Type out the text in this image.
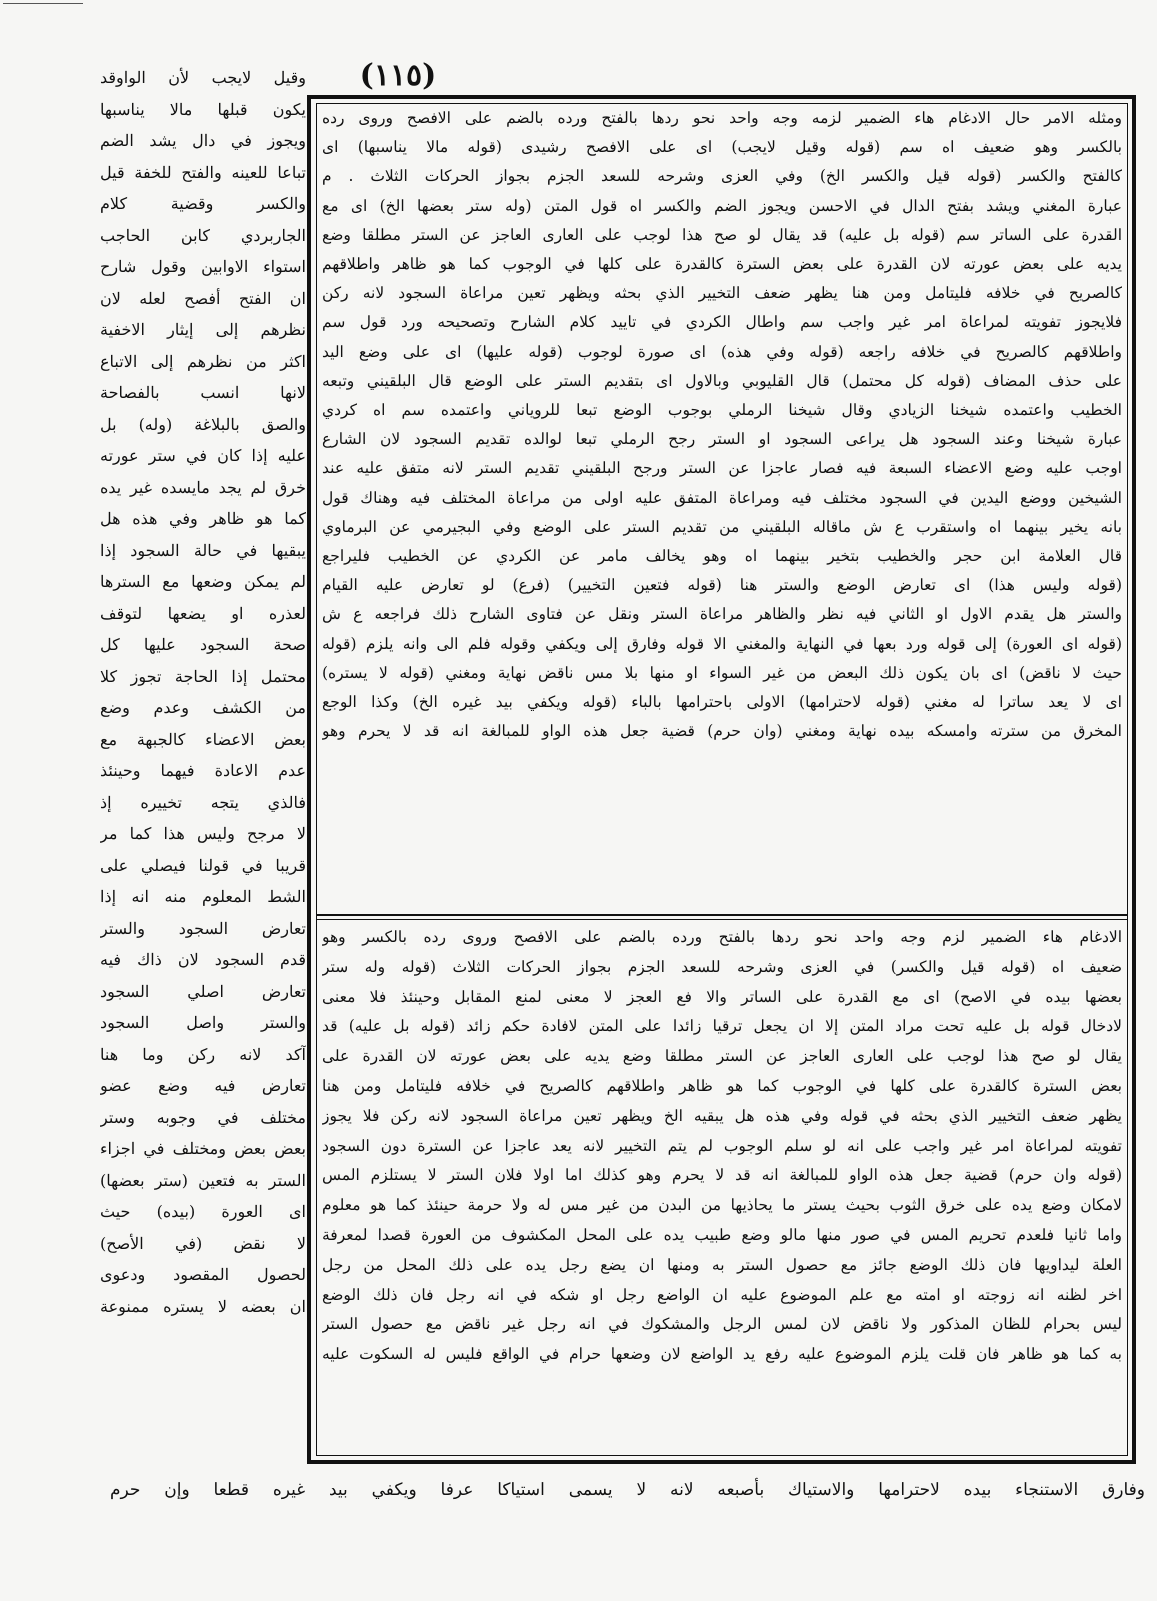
(١١٥)
وقيل لايجب لأن الواوقد
يكون قبلها مالا يناسبها
ويجوز في دال يشد الضم
تباعا للعينه والفتح للخفة قيل
والكسر وقضية كلام
الجاربردي كابن الحاجب
استواء الاوابين وقول شارح
ان الفتح أفصح لعله لان
نظرهم إلى إيثار الاخفية
اكثر من نظرهم إلى الاتباع
لانها انسب بالفصاحة
والصق بالبلاغة (وله) بل
عليه إذا كان في ستر عورته
خرق لم يجد مايسده غير يده
كما هو ظاهر وفي هذه هل
يبقيها في حالة السجود إذا
لم يمكن وضعها مع السترها
لعذره او يضعها لتوقف
صحة السجود عليها كل
محتمل إذا الحاجة تجوز كلا
من الكشف وعدم وضع
بعض الاعضاء كالجبهة مع
عدم الاعادة فيهما وحينئذ
فالذي يتجه تخييره إذ
لا مرجح وليس هذا كما مر
قريبا في قولنا فيصلي على
الشط المعلوم منه انه إذا
تعارض السجود والستر
قدم السجود لان ذاك فيه
تعارض اصلي السجود
والستر واصل السجود
آكد لانه ركن وما هنا
تعارض فيه وضع عضو
مختلف في وجوبه وستر
بعض بعض ومختلف في اجزاء
الستر به فتعين (ستر بعضها)
اى العورة (بيده) حيث
لا نقض (في الأصح)
لحصول المقصود ودعوى
ان بعضه لا يستره ممنوعة
ومثله الامر حال الادغام هاء الضمير لزمه وجه واحد نحو ردها بالفتح ورده بالضم على الافصح وروى رده
بالكسر وهو ضعيف اه سم (قوله وقيل لايجب) اى على الافصح رشيدى (قوله مالا يناسبها) اى
كالفتح والكسر (قوله قيل والكسر الخ) وفي العزى وشرحه للسعد الجزم بجواز الحركات الثلاث . م
عبارة المغني ويشد بفتح الدال في الاحسن ويجوز الضم والكسر اه قول المتن (وله ستر بعضها الخ) اى مع
القدرة على الساتر سم (قوله بل عليه) قد يقال لو صح هذا لوجب على العارى العاجز عن الستر مطلقا وضع
يديه على بعض عورته لان القدرة على بعض السترة كالقدرة على كلها في الوجوب كما هو ظاهر واطلاقهم
كالصريح في خلافه فليتامل ومن هنا يظهر ضعف التخيير الذي بحثه ويظهر تعين مراعاة السجود لانه ركن
فلايجوز تفويته لمراعاة امر غير واجب سم واطال الكردي في تاييد كلام الشارح وتصحيحه ورد قول سم
واطلاقهم كالصريح في خلافه راجعه (قوله وفي هذه) اى صورة لوجوب (قوله عليها) اى على وضع اليد
على حذف المضاف (قوله كل محتمل) قال القليوبي وبالاول اى بتقديم الستر على الوضع قال البلقيني وتبعه
الخطيب واعتمده شيخنا الزيادي وقال شيخنا الرملي بوجوب الوضع تبعا للروياني واعتمده سم اه كردي
عبارة شيخنا وعند السجود هل يراعى السجود او الستر رجح الرملي تبعا لوالده تقديم السجود لان الشارع
اوجب عليه وضع الاعضاء السبعة فيه فصار عاجزا عن الستر ورجح البلقيني تقديم الستر لانه متفق عليه عند
الشيخين ووضع اليدين في السجود مختلف فيه ومراعاة المتفق عليه اولى من مراعاة المختلف فيه وهناك قول
بانه يخير بينهما اه واستقرب ع ش ماقاله البلقيني من تقديم الستر على الوضع وفي البجيرمي عن البرماوي
قال العلامة ابن حجر والخطيب بتخير بينهما اه وهو يخالف مامر عن الكردي عن الخطيب فليراجع
(قوله وليس هذا) اى تعارض الوضع والستر هنا (قوله فتعين التخيير) (فرع) لو تعارض عليه القيام
والستر هل يقدم الاول او الثاني فيه نظر والظاهر مراعاة الستر ونقل عن فتاوى الشارح ذلك فراجعه ع ش
(قوله اى العورة) إلى قوله ورد بعها في النهاية والمغني الا قوله وفارق إلى ويكفي وقوله فلم الى وانه يلزم (قوله
حيث لا ناقض) اى بان يكون ذلك البعض من غير السواء او منها بلا مس ناقض نهاية ومغني (قوله لا يستره)
اى لا يعد ساترا له مغني (قوله لاحترامها) الاولى باحترامها بالباء (قوله ويكفي بيد غيره الخ) وكذا الوجع
المخرق من سترته وامسكه بيده نهاية ومغني (وان حرم) قضية جعل هذه الواو للمبالغة انه قد لا يحرم وهو
الادغام هاء الضمير لزم وجه واحد نحو ردها بالفتح ورده بالضم على الافصح وروى رده بالكسر وهو
ضعيف اه (قوله قيل والكسر) في العزى وشرحه للسعد الجزم بجواز الحركات الثلاث (قوله وله ستر
بعضها بيده في الاصح) اى مع القدرة على الساتر والا فع العجز لا معنى لمنع المقابل وحينئذ فلا معنى
لادخال قوله بل عليه تحت مراد المتن إلا ان يجعل ترقيا زائدا على المتن لافادة حكم زائد (قوله بل عليه) قد
يقال لو صح هذا لوجب على العارى العاجز عن الستر مطلقا وضع يديه على بعض عورته لان القدرة على
بعض السترة كالقدرة على كلها في الوجوب كما هو ظاهر واطلاقهم كالصريح في خلافه فليتامل ومن هنا
يظهر ضعف التخيير الذي بحثه في قوله وفي هذه هل يبقيه الخ ويظهر تعين مراعاة السجود لانه ركن فلا يجوز
تفويته لمراعاة امر غير واجب على انه لو سلم الوجوب لم يتم التخيير لانه يعد عاجزا عن السترة دون السجود
(قوله وان حرم) قضية جعل هذه الواو للمبالغة انه قد لا يحرم وهو كذلك اما اولا فلان الستر لا يستلزم المس
لامكان وضع يده على خرق الثوب بحيث يستر ما يحاذيها من البدن من غير مس له ولا حرمة حينئذ كما هو معلوم
واما ثانيا فلعدم تحريم المس في صور منها مالو وضع طبيب يده على المحل المكشوف من العورة قصدا لمعرفة
العلة ليداويها فان ذلك الوضع جائز مع حصول الستر به ومنها ان يضع رجل يده على ذلك المحل من رجل
اخر لظنه انه زوجته او امته مع علم الموضوع عليه ان الواضع رجل او شكه في انه رجل فان ذلك الوضع
ليس بحرام للظان المذكور ولا ناقض لان لمس الرجل والمشكوك في انه رجل غير ناقض مع حصول الستر
به كما هو ظاهر فان قلت يلزم الموضوع عليه رفع يد الواضع لان وضعها حرام في الواقع فليس له السكوت عليه
وفارق الاستنجاء بيده لاحترامها والاستياك بأصبعه لانه لا يسمى استياكا عرفا ويكفي بيد غيره قطعا وإن حرم
